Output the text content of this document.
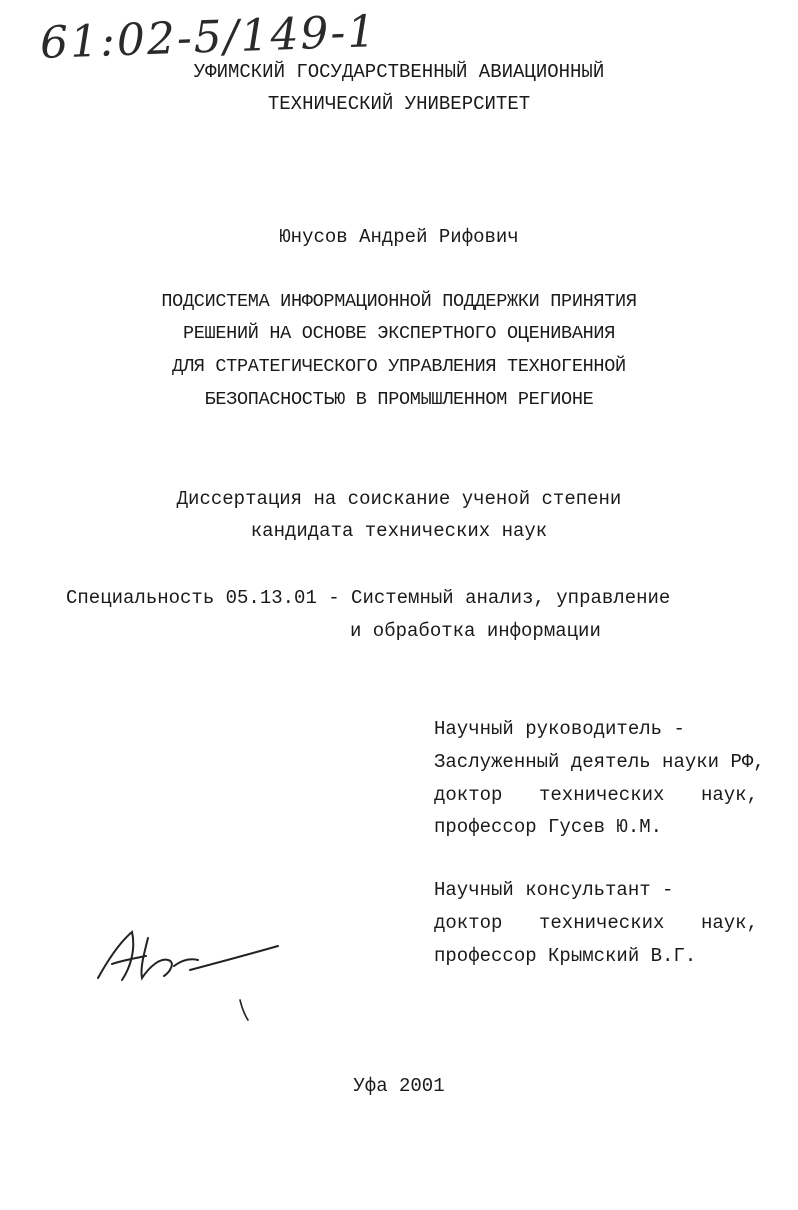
61:02-5/149-1
УФИМСКИЙ ГОСУДАРСТВЕННЫЙ АВИАЦИОННЫЙ
ТЕХНИЧЕСКИЙ УНИВЕРСИТЕТ
Юнусов Андрей Рифович
ПОДСИСТЕМА ИНФОРМАЦИОННОЙ ПОДДЕРЖКИ ПРИНЯТИЯ
РЕШЕНИЙ НА ОСНОВЕ ЭКСПЕРТНОГО ОЦЕНИВАНИЯ
ДЛЯ СТРАТЕГИЧЕСКОГО УПРАВЛЕНИЯ ТЕХНОГЕННОЙ
БЕЗОПАСНОСТЬЮ В ПРОМЫШЛЕННОМ РЕГИОНЕ
Диссертация на соискание ученой степени
кандидата технических наук
Специальность 05.13.01 - Системный анализ, управление
и обработка информации
Научный руководитель -
Заслуженный деятель науки РФ,
доктор технических наук,
профессор Гусев Ю.М.
Научный консультант -
доктор технических наук,
профессор Крымский В.Г.
Уфа 2001
